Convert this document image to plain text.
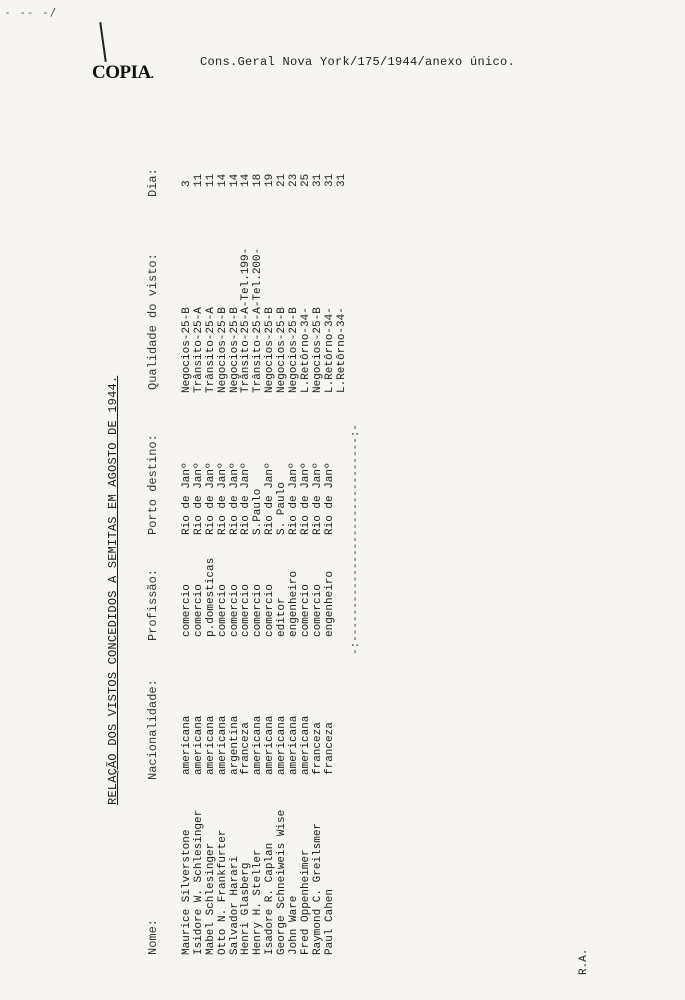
- -- -/
COPIA.
Cons.Geral Nova York/175/1944/anexo único.
RELAÇÃO DOS VISTOS CONCEDIDOS A SEMITAS EM AGOSTO DE 1944.
Nome:
Nacionalidade:
Profissão:
Porto destino:
Qualidade do visto:
Dia:
Maurice Silverstone Isidore W. Schlesinger Mabel Schlesinger Otto N. Frankfurter Salvador Harari Henri Glasberg Henry H. Steller Isadore R. Caplan George Schneiweis Wise John Ware Fred Oppenheimer Raymond C. Greilsmer Paul Cahen
americana americana americana americana argentina franceza americana americana americana americana americana franceza franceza
comercio comercio p.domesticas comercio comercio comercio comercio comercio editor engenheiro comercio comercio engenheiro
Rio de Janº Rio de Janº Rio de Janº Rio de Janº Rio de Janº Rio de Janº S.Paulo Rio de Janº S. Paulo Rio de Janº Rio de Janº Rio de Janº Rio de Janº
Negocios-25-B Trânsito-25-A Trânsito-25-A Negocios-25-B Negocios-25-B Trânsito-25-A-Tel.199- Trânsito-25-A-Tel.200- Negocios-25-B Negocios-25-B Negocios-25-B L.Retôrno-34- Negocios-25-B L.Retôrno-34- L.Retôrno-34-
3 11 11 14 14 14 18 19 21 23 25 31 31 31
-:-------------------------------:-
R.A.
